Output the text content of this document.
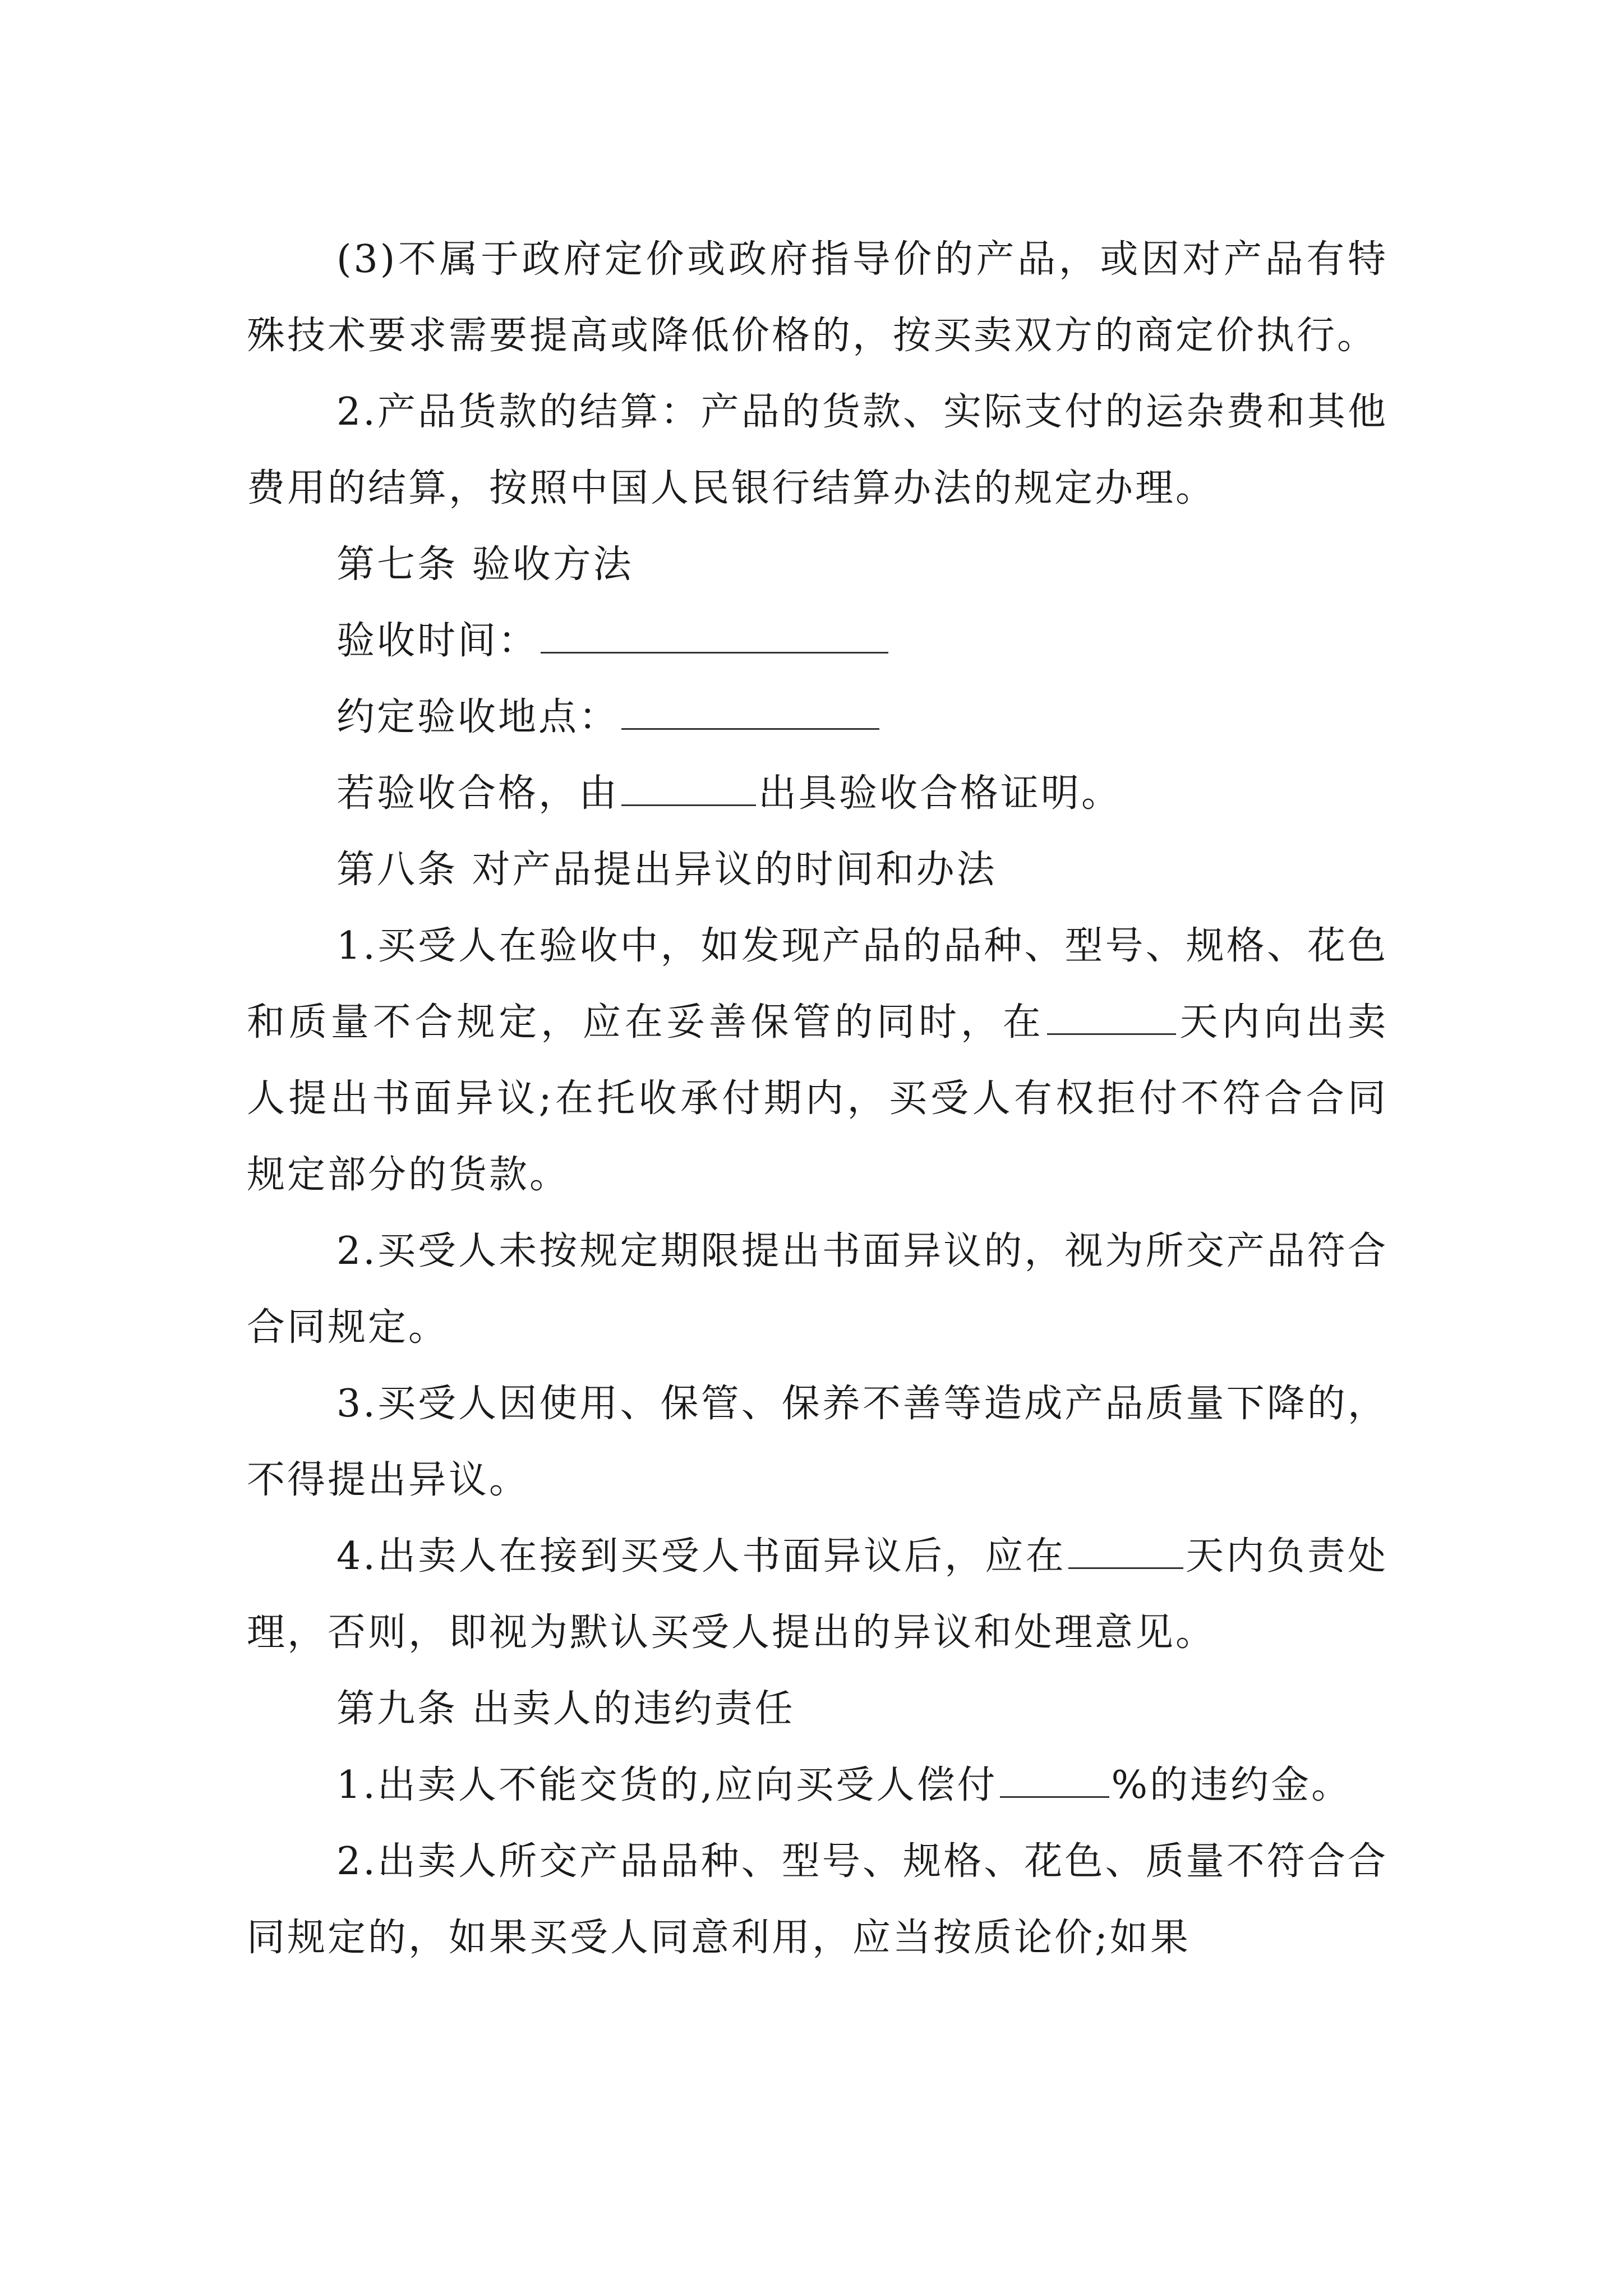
(3)不属于政府定价或政府指导价的产品，或因对产品有特殊技术要求需要提高或降低价格的，按买卖双方的商定价执行。

2.产品货款的结算：产品的货款、实际支付的运杂费和其他费用的结算，按照中国人民银行结算办法的规定办理。

第七条 验收方法

验收时间：

约定验收地点：

若验收合格，由	出具验收合格证明。

第八条 对产品提出异议的时间和办法

1.买受人在验收中，如发现产品的品种、型号、规格、花色和质量不合规定，应在妥善保管的同时，在	天内向出卖人提出书面异议;在托收承付期内，买受人有权拒付不符合合同规定部分的货款。

2.买受人未按规定期限提出书面异议的，视为所交产品符合合同规定。

3.买受人因使用、保管、保养不善等造成产品质量下降的，不得提出异议。

4.出卖人在接到买受人书面异议后，应在	天内负责处理，否则，即视为默认买受人提出的异议和处理意见。

第九条 出卖人的违约责任

1.出卖人不能交货的,应向买受人偿付	%的违约金。

2.出卖人所交产品品种、型号、规格、花色、质量不符合合同规定的，如果买受人同意利用，应当按质论价;如果
